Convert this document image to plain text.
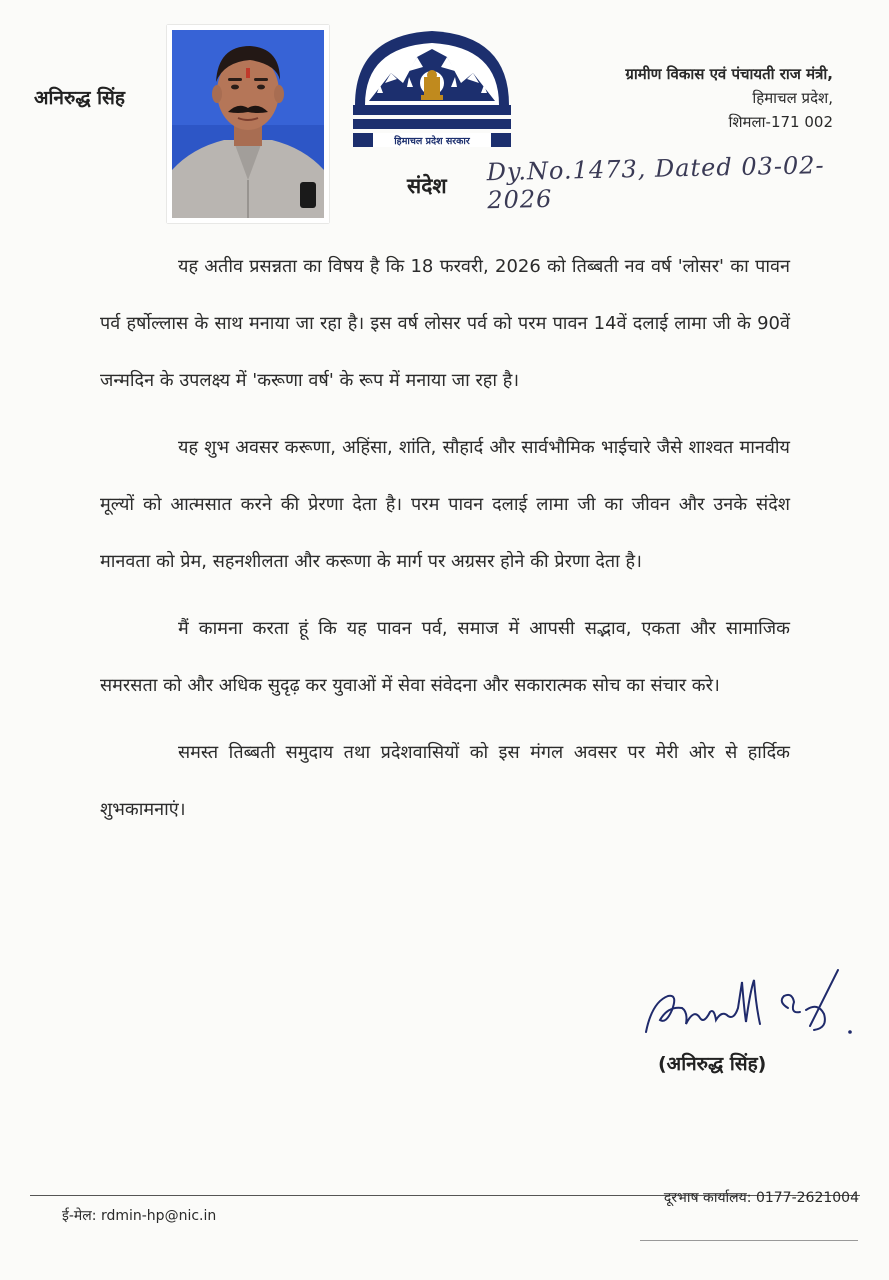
अनिरुद्ध सिंह
हिमाचल प्रदेश सरकार
ग्रामीण विकास एवं पंचायती राज मंत्री,
हिमाचल प्रदेश,
शिमला-171 002
संदेश Dy.No.1473, Dated 03-02-2026

यह अतीव प्रसन्नता का विषय है कि 18 फरवरी, 2026 को तिब्बती नव वर्ष 'लोसर' का पावन पर्व हर्षोल्लास के साथ मनाया जा रहा है। इस वर्ष लोसर पर्व को परम पावन 14वें दलाई लामा जी के 90वें जन्मदिन के उपलक्ष्य में 'करूणा वर्ष' के रूप में मनाया जा रहा है।

यह शुभ अवसर करूणा, अहिंसा, शांति, सौहार्द और सार्वभौमिक भाईचारे जैसे शाश्वत मानवीय मूल्यों को आत्मसात करने की प्रेरणा देता है। परम पावन दलाई लामा जी का जीवन और उनके संदेश मानवता को प्रेम, सहनशीलता और करूणा के मार्ग पर अग्रसर होने की प्रेरणा देता है।

मैं कामना करता हूं कि यह पावन पर्व, समाज में आपसी सद्भाव, एकता और सामाजिक समरसता को और अधिक सुदृढ़ कर युवाओं में सेवा संवेदना और सकारात्मक सोच का संचार करे।

समस्त तिब्बती समुदाय तथा प्रदेशवासियों को इस मंगल अवसर पर मेरी ओर से हार्दिक शुभकामनाएं।

(अनिरुद्ध सिंह)
ई-मेल: rdmin-hp@nic.in
दूरभाष कार्यालय: 0177-2621004
